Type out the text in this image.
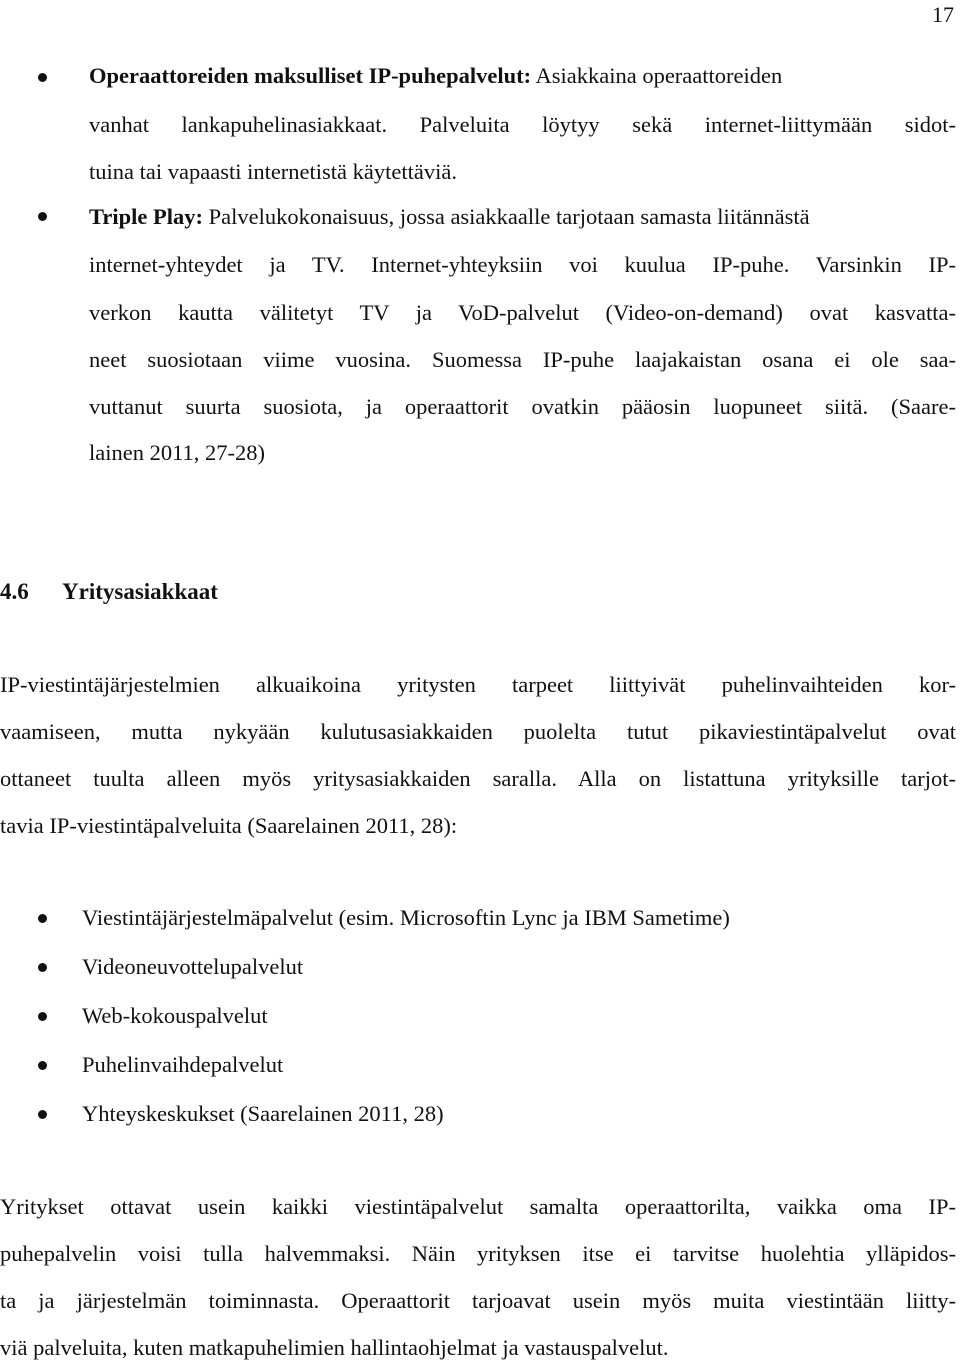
17
Operaattoreiden maksulliset IP-puhepalvelut: Asiakkaina operaattoreiden
vanhat lankapuhelinasiakkaat. Palveluita löytyy sekä internet-liittymään sidot-
tuina tai vapaasti internetistä käytettäviä.
Triple Play: Palvelukokonaisuus, jossa asiakkaalle tarjotaan samasta liitännästä
internet-yhteydet ja TV. Internet-yhteyksiin voi kuulua IP-puhe. Varsinkin IP-
verkon kautta välitetyt TV ja VoD-palvelut (Video-on-demand) ovat kasvatta-
neet suosiotaan viime vuosina. Suomessa IP-puhe laajakaistan osana ei ole saa-
vuttanut suurta suosiota, ja operaattorit ovatkin pääosin luopuneet siitä. (Saare-
lainen 2011, 27-28)
4.6 Yritysasiakkaat
IP-viestintäjärjestelmien alkuaikoina yritysten tarpeet liittyivät puhelinvaihteiden kor-
vaamiseen, mutta nykyään kulutusasiakkaiden puolelta tutut pikaviestintäpalvelut ovat
ottaneet tuulta alleen myös yritysasiakkaiden saralla. Alla on listattuna yrityksille tarjot-
tavia IP-viestintäpalveluita (Saarelainen 2011, 28):
Viestintäjärjestelmäpalvelut (esim. Microsoftin Lync ja IBM Sametime)
Videoneuvottelupalvelut
Web-kokouspalvelut
Puhelinvaihdepalvelut
Yhteyskeskukset (Saarelainen 2011, 28)
Yritykset ottavat usein kaikki viestintäpalvelut samalta operaattorilta, vaikka oma IP-
puhepalvelin voisi tulla halvemmaksi. Näin yrityksen itse ei tarvitse huolehtia ylläpidos-
ta ja järjestelmän toiminnasta. Operaattorit tarjoavat usein myös muita viestintään liitty-
viä palveluita, kuten matkapuhelimien hallintaohjelmat ja vastauspalvelut.
